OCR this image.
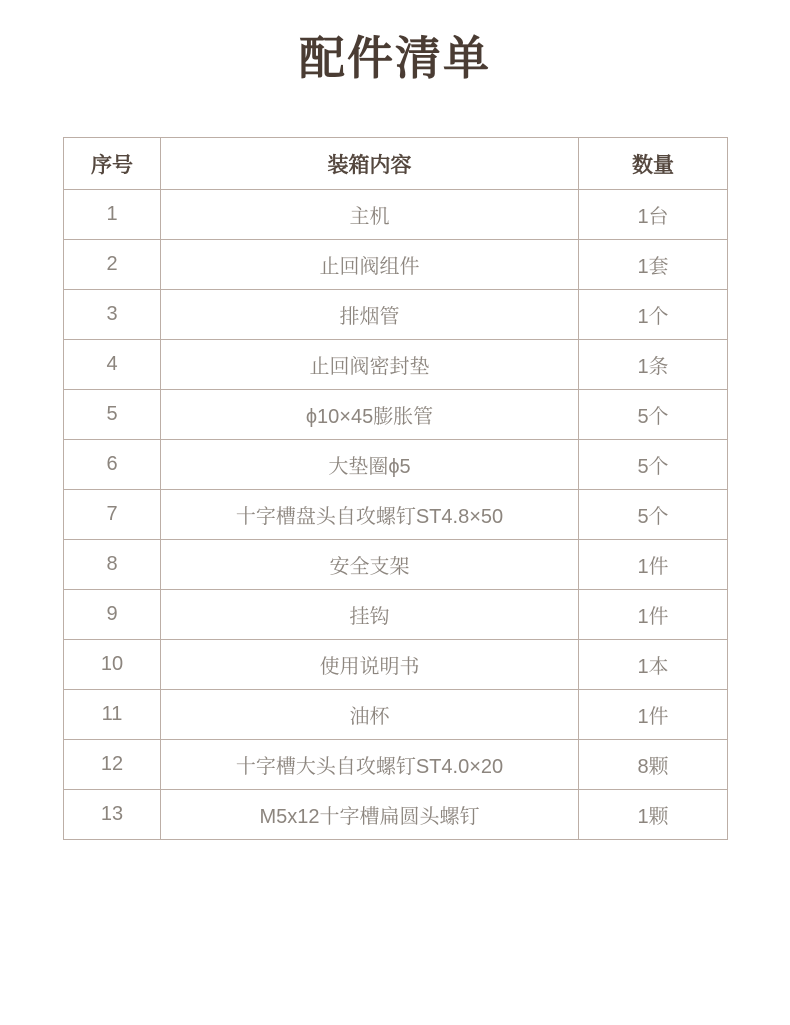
配件清单
序号	装箱内容	数量
1	主机	1台
2	止回阀组件	1套
3	排烟管	1个
4	止回阀密封垫	1条
5	ϕ10×45膨胀管	5个
6	大垫圈ϕ5	5个
7	十字槽盘头自攻螺钉ST4.8×50	5个
8	安全支架	1件
9	挂钩	1件
10	使用说明书	1本
11	油杯	1件
12	十字槽大头自攻螺钉ST4.0×20	8颗
13	M5x12十字槽扁圆头螺钉	1颗
